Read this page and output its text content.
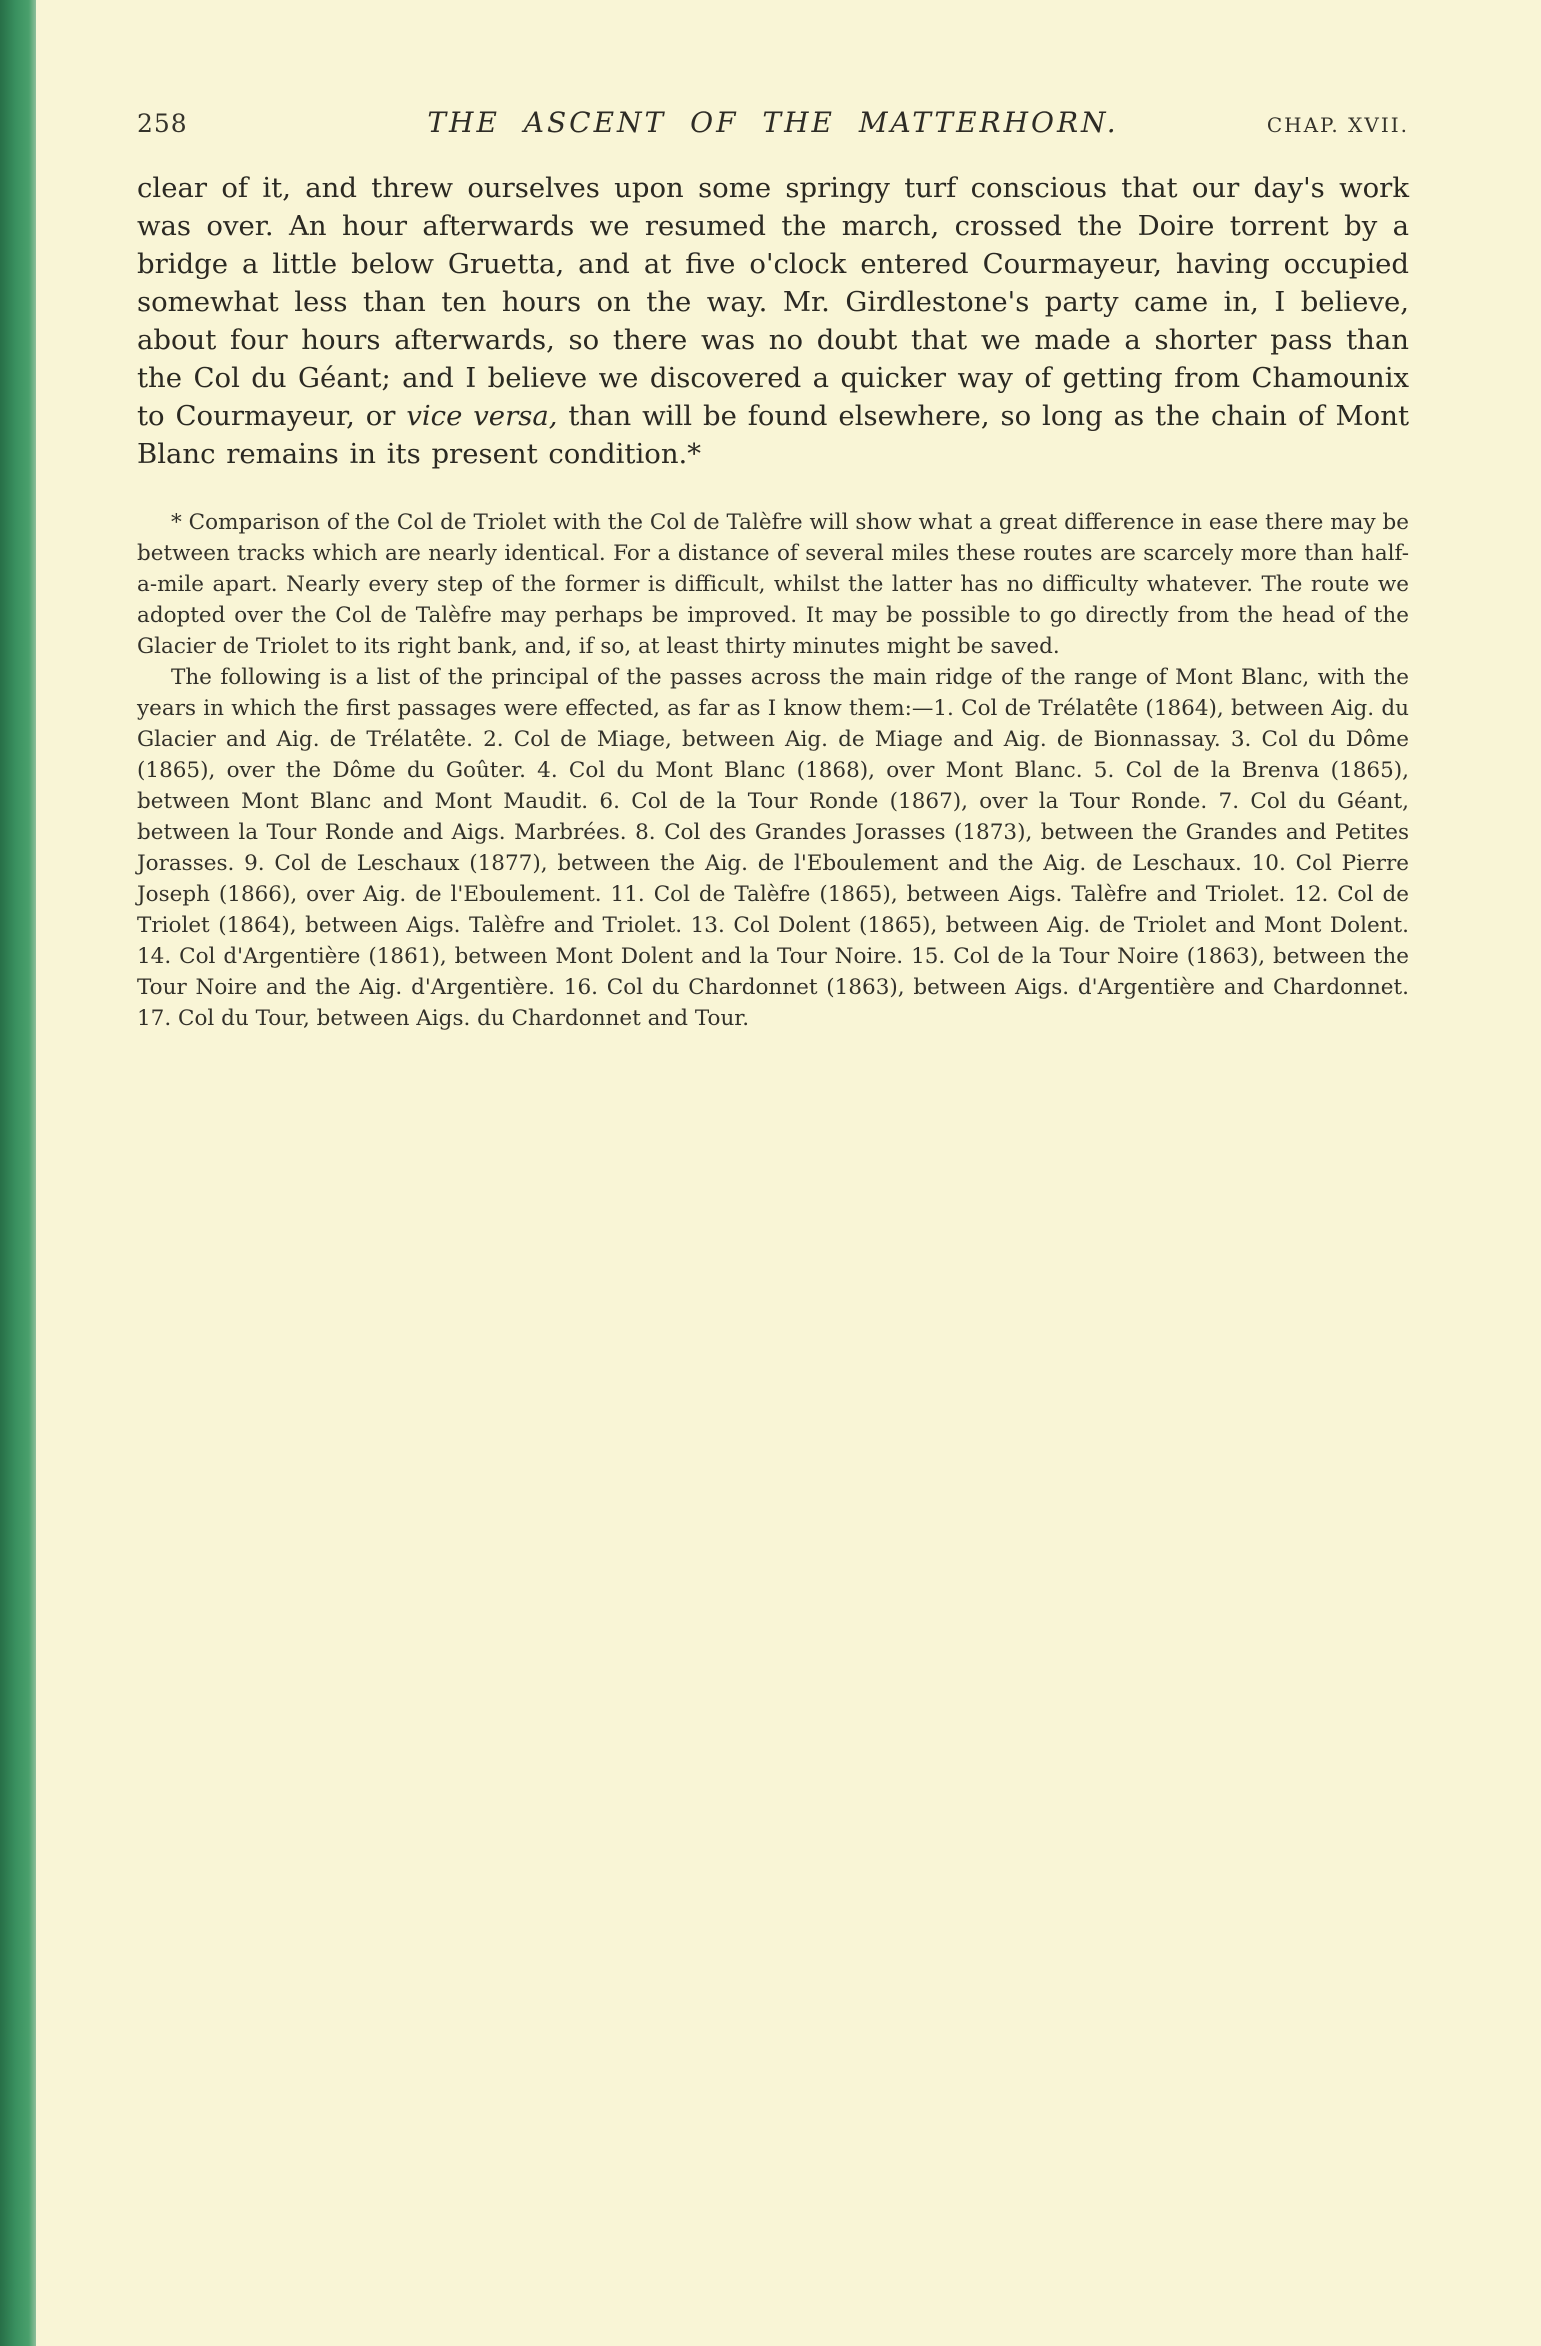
258	THE ASCENT OF THE MATTERHORN.	CHAP. XVII.

clear of it, and threw ourselves upon some springy turf conscious that our day's work was over. An hour afterwards we resumed the march, crossed the Doire torrent by a bridge a little below Gruetta, and at five o'clock entered Courmayeur, having occupied somewhat less than ten hours on the way. Mr. Girdlestone's party came in, I believe, about four hours afterwards, so there was no doubt that we made a shorter pass than the Col du Géant; and I believe we discovered a quicker way of getting from Chamounix to Courmayeur, or vice versa, than will be found elsewhere, so long as the chain of Mont Blanc remains in its present condition.*

* Comparison of the Col de Triolet with the Col de Talèfre will show what a great difference in ease there may be between tracks which are nearly identical. For a distance of several miles these routes are scarcely more than half-a-mile apart. Nearly every step of the former is difficult, whilst the latter has no difficulty whatever. The route we adopted over the Col de Talèfre may perhaps be improved. It may be possible to go directly from the head of the Glacier de Triolet to its right bank, and, if so, at least thirty minutes might be saved.

The following is a list of the principal of the passes across the main ridge of the range of Mont Blanc, with the years in which the first passages were effected, as far as I know them:—1. Col de Trélatête (1864), between Aig. du Glacier and Aig. de Trélatête. 2. Col de Miage, between Aig. de Miage and Aig. de Bionnassay. 3. Col du Dôme (1865), over the Dôme du Goûter. 4. Col du Mont Blanc (1868), over Mont Blanc. 5. Col de la Brenva (1865), between Mont Blanc and Mont Maudit. 6. Col de la Tour Ronde (1867), over la Tour Ronde. 7. Col du Géant, between la Tour Ronde and Aigs. Marbrées. 8. Col des Grandes Jorasses (1873), between the Grandes and Petites Jorasses. 9. Col de Leschaux (1877), between the Aig. de l'Eboulement and the Aig. de Leschaux. 10. Col Pierre Joseph (1866), over Aig. de l'Eboulement. 11. Col de Talèfre (1865), between Aigs. Talèfre and Triolet. 12. Col de Triolet (1864), between Aigs. Talèfre and Triolet. 13. Col Dolent (1865), between Aig. de Triolet and Mont Dolent. 14. Col d'Argentière (1861), between Mont Dolent and la Tour Noire. 15. Col de la Tour Noire (1863), between the Tour Noire and the Aig. d'Argentière. 16. Col du Chardonnet (1863), between Aigs. d'Argentière and Chardonnet. 17. Col du Tour, between Aigs. du Chardonnet and Tour.
